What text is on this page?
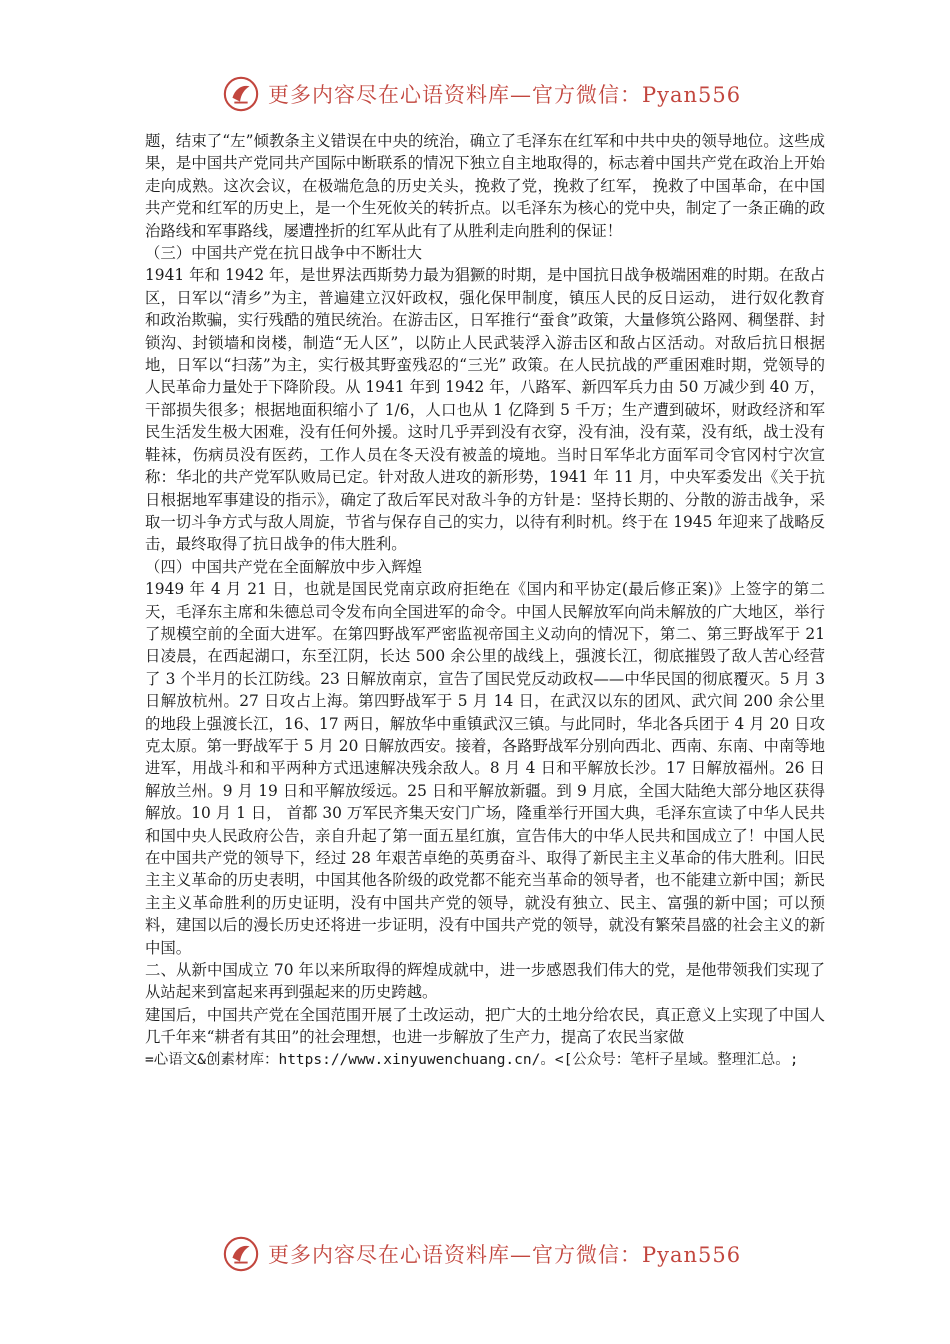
更多内容尽在心语资料库—官方微信：Pyan556

题，结束了“左”倾教条主义错误在中央的统治，确立了毛泽东在红军和中共中央的领导地位。这些成果，是中国共产党同共产国际中断联系的情况下独立自主地取得的，标志着中国共产党在政治上开始走向成熟。这次会议，在极端危急的历史关头，挽救了党，挽救了红军， 挽救了中国革命，在中国共产党和红军的历史上，是一个生死攸关的转折点。以毛泽东为核心的党中央，制定了一条正确的政治路线和军事路线，屡遭挫折的红军从此有了从胜利走向胜利的保证！

（三）中国共产党在抗日战争中不断壮大

1941 年和 1942 年，是世界法西斯势力最为猖獗的时期，是中国抗日战争极端困难的时期。在敌占区，日军以“清乡”为主，普遍建立汉奸政权，强化保甲制度，镇压人民的反日运动， 进行奴化教育和政治欺骗，实行残酷的殖民统治。在游击区，日军推行“蚕食”政策，大量修筑公路网、稠堡群、封锁沟、封锁墙和岗楼，制造“无人区”，以防止人民武装浮入游击区和敌占区活动。对敌后抗日根据地，日军以“扫荡”为主，实行极其野蛮残忍的“三光” 政策。在人民抗战的严重困难时期，党领导的人民革命力量处于下降阶段。从 1941 年到 1942 年，八路军、新四军兵力由 50 万减少到 40 万，干部损失很多；根据地面积缩小了 1/6，人口也从 1 亿降到 5 千万；生产遭到破坏，财政经济和军民生活发生极大困难，没有任何外援。这时几乎弄到没有衣穿，没有油，没有菜，没有纸，战士没有鞋袜，伤病员没有医药，工作人员在冬天没有被盖的境地。当时日军华北方面军司令官冈村宁次宣称：华北的共产党军队败局已定。针对敌人进攻的新形势，1941 年 11 月，中央军委发出《关于抗日根据地军事建设的指示》，确定了敌后军民对敌斗争的方针是：坚持长期的、分散的游击战争，采取一切斗争方式与敌人周旋，节省与保存自己的实力，以待有利时机。终于在 1945 年迎来了战略反击，最终取得了抗日战争的伟大胜利。

（四）中国共产党在全面解放中步入辉煌

1949 年 4 月 21 日，也就是国民党南京政府拒绝在《国内和平协定(最后修正案)》上签字的第二天，毛泽东主席和朱德总司令发布向全国进军的命令。中国人民解放军向尚未解放的广大地区，举行了规模空前的全面大进军。在第四野战军严密监视帝国主义动向的情况下，第二、第三野战军于 21 日凌晨，在西起湖口，东至江阴，长达 500 余公里的战线上，强渡长江，彻底摧毁了敌人苦心经营了 3 个半月的长江防线。23 日解放南京，宣告了国民党反动政权——中华民国的彻底覆灭。5 月 3 日解放杭州。27 日攻占上海。第四野战军于 5 月 14 日，在武汉以东的团风、武穴间 200 余公里的地段上强渡长江，16、17 两日，解放华中重镇武汉三镇。与此同时，华北各兵团于 4 月 20 日攻克太原。第一野战军于 5 月 20 日解放西安。接着，各路野战军分别向西北、西南、东南、中南等地进军，用战斗和和平两种方式迅速解决残余敌人。8 月 4 日和平解放长沙。17 日解放福州。26 日解放兰州。9 月 19 日和平解放绥远。25 日和平解放新疆。到 9 月底，全国大陆绝大部分地区获得解放。10 月 1 日， 首都 30 万军民齐集天安门广场，隆重举行开国大典，毛泽东宣读了中华人民共和国中央人民政府公告，亲自升起了第一面五星红旗，宣告伟大的中华人民共和国成立了！中国人民在中国共产党的领导下，经过 28 年艰苦卓绝的英勇奋斗、取得了新民主主义革命的伟大胜利。旧民主主义革命的历史表明，中国其他各阶级的政党都不能充当革命的领导者，也不能建立新中国；新民主主义革命胜利的历史证明，没有中国共产党的领导，就没有独立、民主、富强的新中国；可以预料，建国以后的漫长历史还将进一步证明，没有中国共产党的领导，就没有繁荣昌盛的社会主义的新中国。

二、从新中国成立 70 年以来所取得的辉煌成就中，进一步感恩我们伟大的党，是他带领我们实现了从站起来到富起来再到强起来的历史跨越。

建国后，中国共产党在全国范围开展了土改运动，把广大的土地分给农民，真正意义上实现了中国人几千年来“耕者有其田”的社会理想，也进一步解放了生产力，提高了农民当家做

=心语文&创素材库：https://www.xinyuwenchuang.cn/。<[公众号：笔杆子星域。整理汇总。;

更多内容尽在心语资料库—官方微信：Pyan556
